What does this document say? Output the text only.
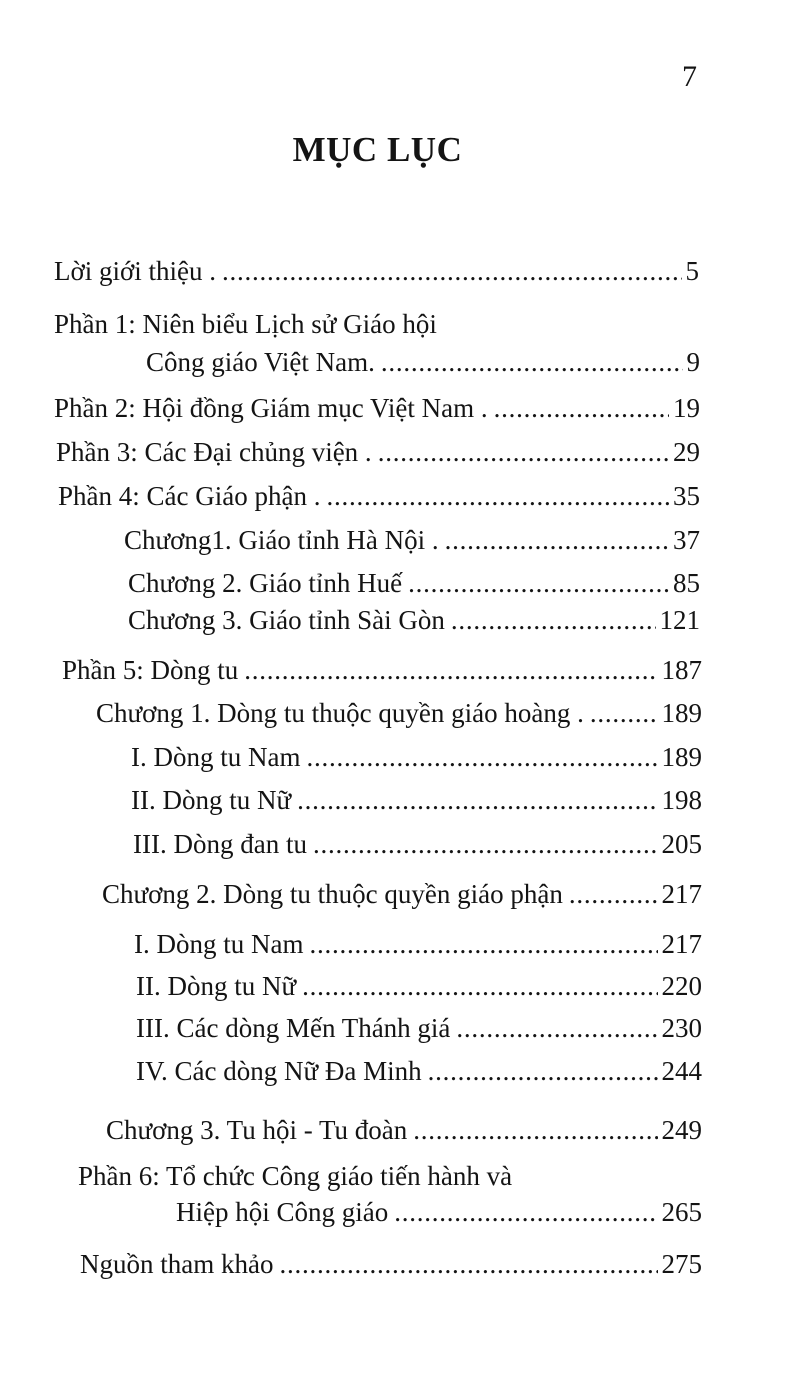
7
MỤC LỤC
Lời giới thiệu . . . .	5
Phần 1: Niên biểu Lịch sử Giáo hội
Công giáo Việt Nam. . . .	9
Phần 2: Hội đồng Giám mục Việt Nam . . . .	19
Phần 3: Các Đại chủng viện . . . .	29
Phần 4: Các Giáo phận . . . .	35
Chương1. Giáo tỉnh Hà Nội . . . .	37
Chương 2. Giáo tỉnh Huế . . .	85
Chương 3. Giáo tỉnh Sài Gòn . . .	121
Phần 5: Dòng tu . . .	187
Chương 1. Dòng tu thuộc quyền giáo hoàng . . . .	189
I. Dòng tu Nam . . .	189
II. Dòng tu Nữ . . .	198
III. Dòng đan tu . . .	205
Chương 2. Dòng tu thuộc quyền giáo phận . . .	217
I. Dòng tu Nam . . .	217
II. Dòng tu Nữ . . .	220
III. Các dòng Mến Thánh giá . . .	230
IV. Các dòng Nữ Đa Minh . . .	244
Chương 3. Tu hội - Tu đoàn . . .	249
Phần 6: Tổ chức Công giáo tiến hành và
Hiệp hội Công giáo . . .	265
Nguồn tham khảo . . .	275
